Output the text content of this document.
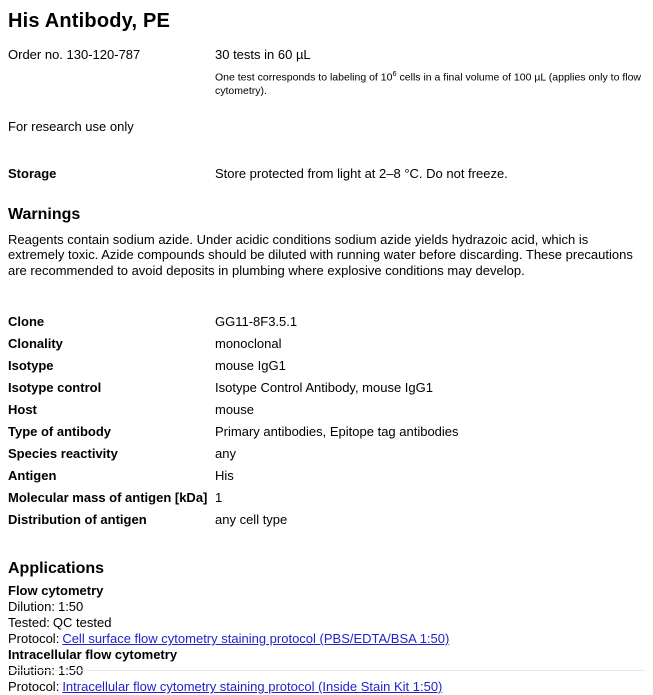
His Antibody, PE
Order no. 130-120-787	30 tests in 60 µL
One test corresponds to labeling of $10^6$ cells in a final volume of 100 µL (applies only to flow cytometry).
For research use only
Storage	Store protected from light at 2–8 °C. Do not freeze.
Warnings

Reagents contain sodium azide. Under acidic conditions sodium azide yields hydrazoic acid, which is extremely toxic. Azide compounds should be diluted with running water before discarding. These precautions are recommended to avoid deposits in plumbing where explosive conditions may develop.

Clone	GG11-8F3.5.1
Clonality	monoclonal
Isotype	mouse IgG1
Isotype control	Isotype Control Antibody, mouse IgG1
Host	mouse
Type of antibody	Primary antibodies, Epitope tag antibodies
Species reactivity	any
Antigen	His
Molecular mass of antigen [kDa] 1
Distribution of antigen	any cell type
Applications
Flow cytometry
Dilution: 1:50
Tested: QC tested
Protocol: Cell surface flow cytometry staining protocol (PBS/EDTA/BSA 1:50)
Intracellular flow cytometry
Dilution: 1:50
Protocol: Intracellular flow cytometry staining protocol (Inside Stain Kit 1:50)
